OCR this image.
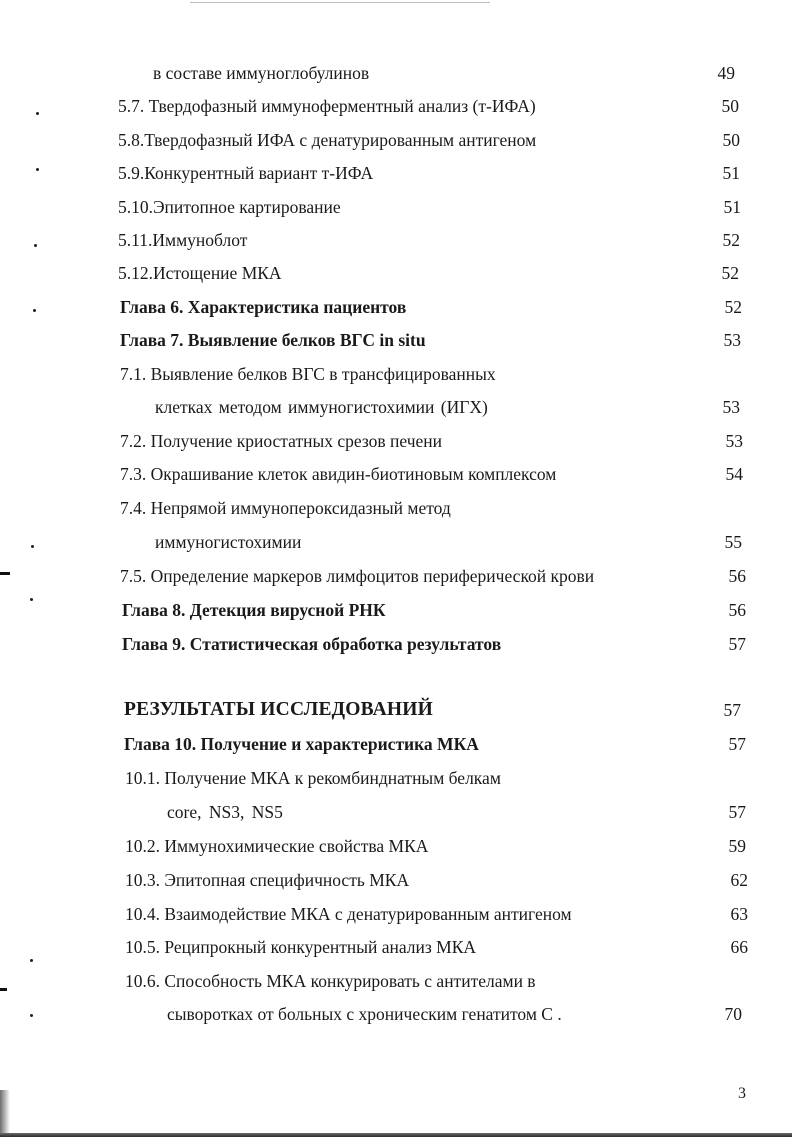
в составе иммуноглобулинов	49
5.7. Твердофазный иммуноферментный анализ (т-ИФА)	50
5.8.Твердофазный ИФА с денатурированным антигеном	50
5.9.Конкурентный вариант т-ИФА	51
5.10.Эпитопное картирование	51
5.11.Иммуноблот	52
5.12.Истощение МКА	52
Глава 6. Характеристика пациентов	52
Глава 7. Выявление белков ВГС in situ	53
7.1. Выявление белков ВГС в трансфицированных
клетках методом иммуногистохимии (ИГХ)	53
7.2. Получение криостатных срезов печени	53
7.3. Окрашивание клеток авидин-биотиновым комплексом	54
7.4. Непрямой иммунопероксидазный метод
иммуногистохимии	55
7.5. Определение маркеров лимфоцитов периферической крови	56
Глава 8. Детекция вирусной РНК	56
Глава 9. Статистическая обработка результатов	57
РЕЗУЛЬТАТЫ ИССЛЕДОВАНИЙ	57
Глава 10. Получение и характеристика МКА	57
10.1. Получение МКА к рекомбинднатным белкам
core, NS3, NS5	57
10.2. Иммунохимические свойства МКА	59
10.3. Эпитопная специфичность МКА	62
10.4. Взаимодействие МКА с денатурированным антигеном	63
10.5. Реципрокный конкурентный анализ МКА	66
10.6. Способность МКА конкурировать с антителами в
сыворотках от больных с хроническим генатитом С .	70
3
